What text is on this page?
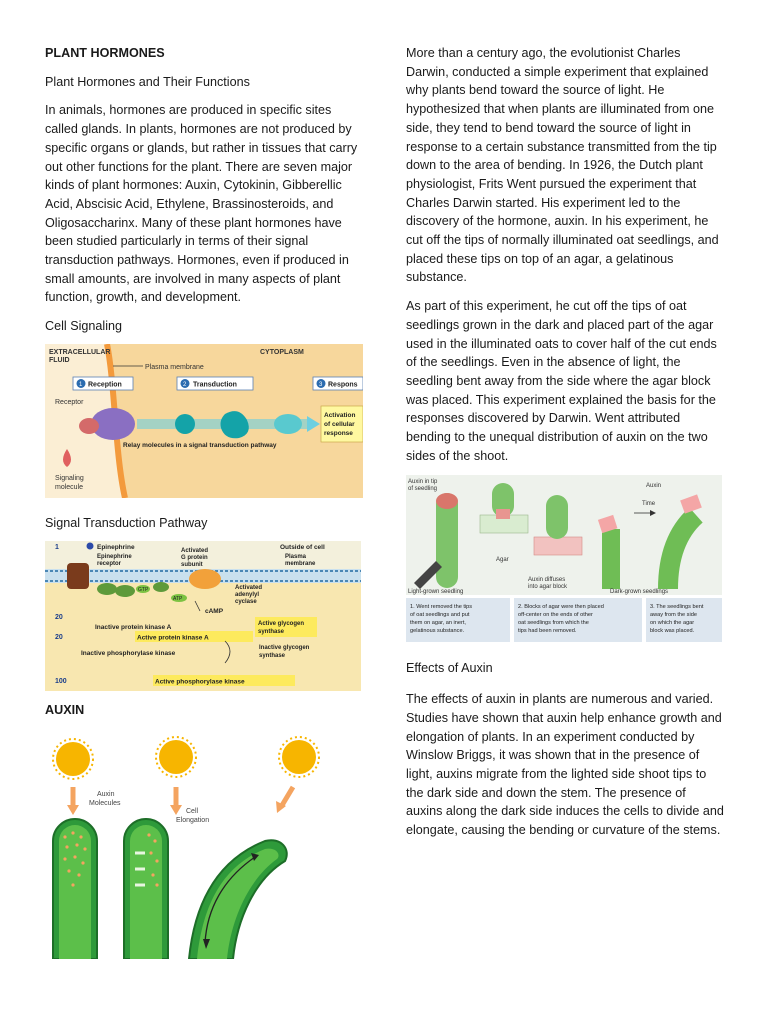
PLANT HORMONES

Plant Hormones and Their Functions

In animals, hormones are produced in specific sites called glands. In plants, hormones are not produced by specific organs or glands, but rather in tissues that carry out other functions for the plant. There are seven major kinds of plant hormones: Auxin, Cytokinin, Gibberellic Acid, Abscisic Acid, Ethylene, Brassinosteroids, and Oligosaccharinx. Many of these plant hormones have been studied particularly in terms of their signal transduction pathways. Hormones, even if produced in small amounts, are involved in many aspects of plant function, growth, and development.

Cell Signaling

EXTRACELLULAR
FLUID
CYTOPLASM
Plasma membrane
1 Reception	2 Transduction	3 Respons
Receptor
Relay molecules in a signal transduction pathway
Activation
of cellular
response
Signaling
molecule

Signal Transduction Pathway

1	Epinephrine	Outside of cell
Epinephrine
receptor
Activated
G protein
subunit
Plasma
membrane
GTP
ATP
Activated
adenylyl
cyclase
cAMP
20
Inactive protein kinase A
20	Active protein kinase A
Active glycogen
synthase
Inactive glycogen
synthase
Inactive phosphorylase kinase
100	Active phosphorylase kinase

AUXIN

Auxin
Molecules
Cell
Elongation

More than a century ago, the evolutionist Charles Darwin, conducted a simple experiment that explained why plants bend toward the source of light. He hypothesized that when plants are illuminated from one side, they tend to bend toward the source of light in response to a certain substance transmitted from the tip down to the area of bending. In 1926, the Dutch plant physiologist, Frits Went pursued the experiment that Charles Darwin started. His experiment led to the discovery of the hormone, auxin. In his experiment, he cut off the tips of normally illuminated oat seedlings, and placed these tips on top of an agar, a gelatinous substance.

As part of this experiment, he cut off the tips of oat seedlings grown in the dark and placed part of the agar used in the illuminated oats to cover half of the cut ends of the seedlings. Even in the absence of light, the seedling bent away from the side where the agar block was placed. This experiment explained the basis for the responses discovered by Darwin. Went attributed bending to the unequal distribution of auxin on the two sides of the shoot.

Auxin in tip
of seedling
Agar
Time
Auxin
Light-grown seedling
Auxin diffuses
into agar block
Dark-grown seedlings
1. Went removed the tips
of oat seedlings and put
them on agar, an inert,
gelatinous substance.
2. Blocks of agar were then placed
off-center on the ends of other
oat seedlings from which the
tips had been removed.
3. The seedlings bent
away from the side
on which the agar
block was placed.

Effects of Auxin

The effects of auxin in plants are numerous and varied. Studies have shown that auxin help enhance growth and elongation of plants. In an experiment conducted by Winslow Briggs, it was shown that in the presence of light, auxins migrate from the lighted side shoot tips to the dark side and down the stem. The presence of auxins along the dark side induces the cells to divide and elongate, causing the bending or curvature of the stems.
